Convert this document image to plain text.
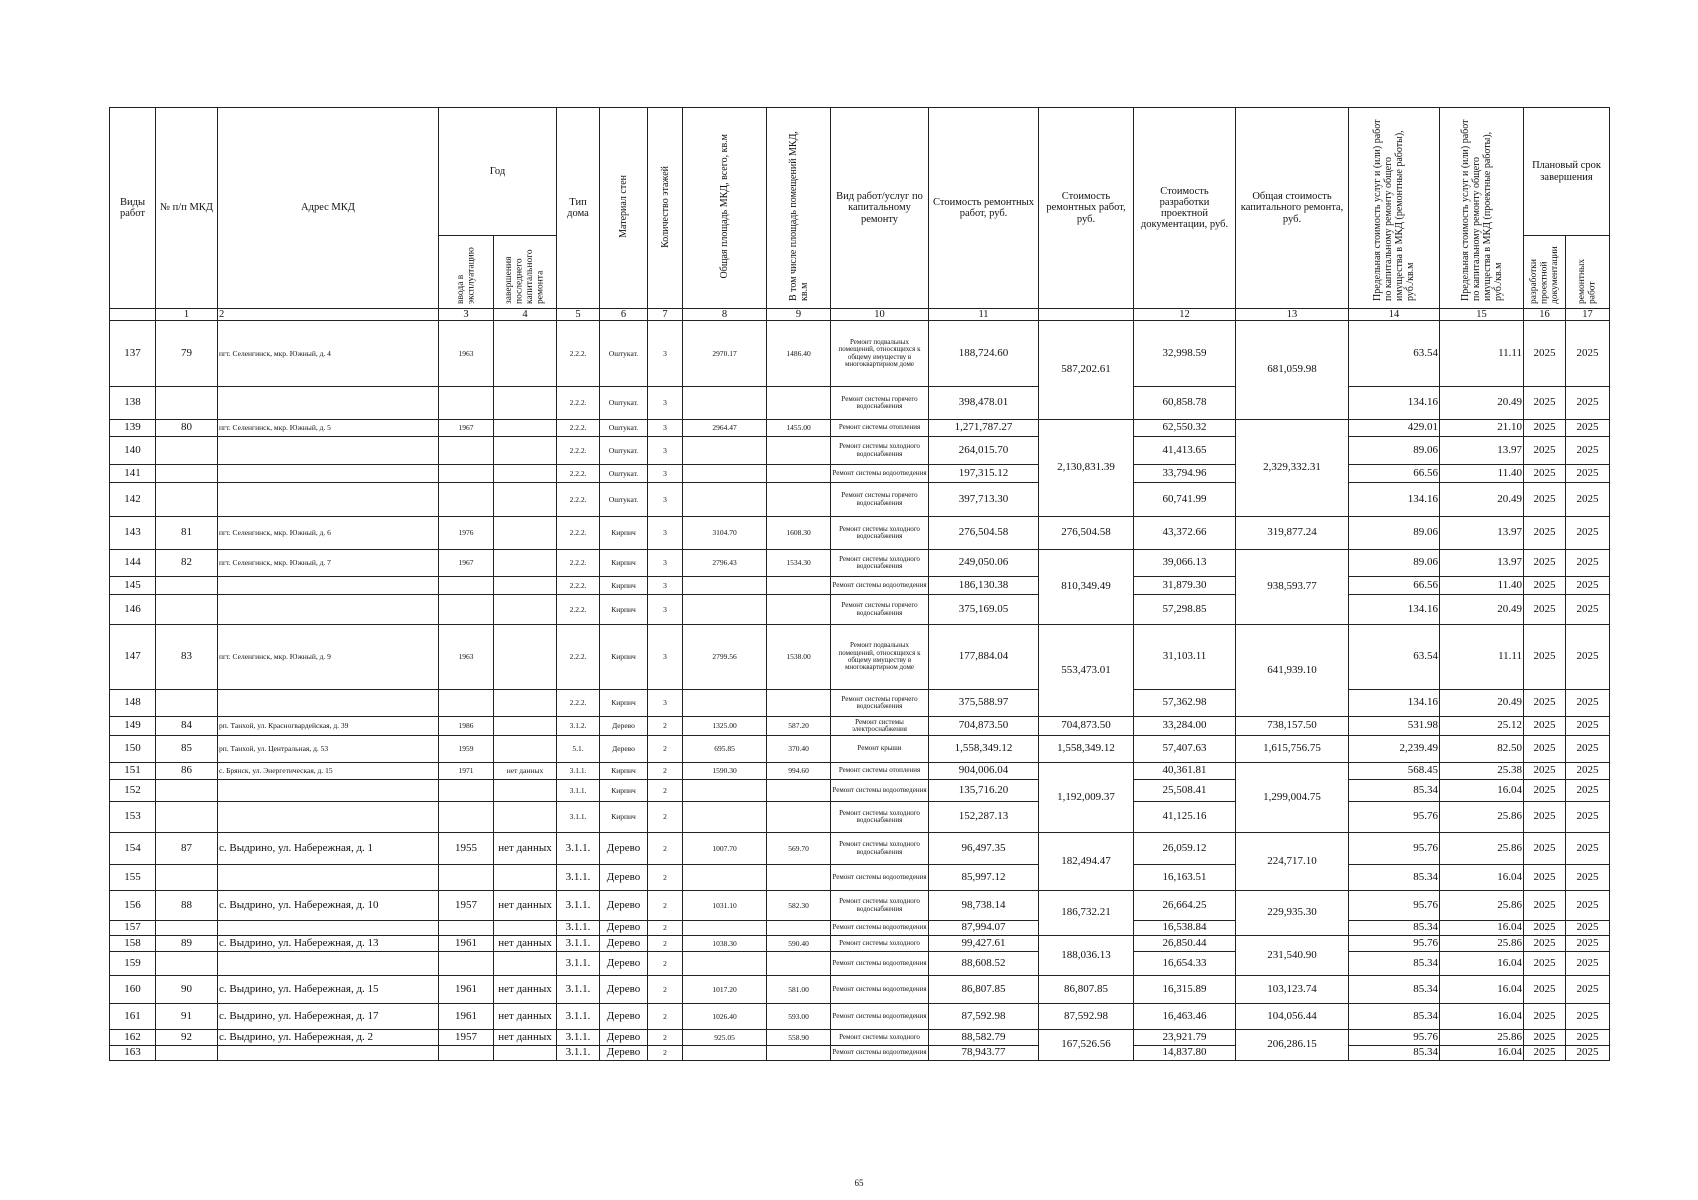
Виды работ	№ п/п МКД	Адрес МКД	Год		Тип дома	Материал стен	Количество этажей	Общая площадь МКД, всего, кв.м	В том числе площадь помещений МКД, кв.м	Вид работ/услуг по капитальному ремонту	Стоимость ремонтных работ, руб.	Стоимость ремонтных работ, руб.	Стоимость разработки проектной документации, руб.	Общая стоимость капитального ремонта, руб.	Предельная стоимость услуг и (или) работ по капитальному ремонту общего имущества в МКД (ремонтные работы), руб./кв.м	Предельная стоимость услуг и (или) работ по капитальному ремонту общего имущества в МКД (проектные работы), руб./кв.м	Плановый срок завершения	
			ввода в эксплуатацию	завершения последнего капитального ремонта													разработки проектной документации	ремонтных работ
	1	2	3	4	5	6	7	8	9	10	11		12	13	14	15	16	17
137	79	пгт. Селенгинск, мкр. Южный, д. 4	1963		2.2.2.	Оштукат.	3	2970.17	1486.40	Ремонт подвальных помещений, относящихся к общему имуществу в многоквартирном доме	188,724.60	587,202.61	32,998.59	681,059.98	63.54	11.11	2025	2025
138					2.2.2.	Оштукат.	3			Ремонт системы горячего водоснабжения	398,478.01		60,858.78		134.16	20.49	2025	2025
139	80	пгт. Селенгинск, мкр. Южный, д. 5	1967		2.2.2.	Оштукат.	3	2964.47	1455.00	Ремонт системы отопления	1,271,787.27	2,130,831.39	62,550.32	2,329,332.31	429.01	21.10	2025	2025
140					2.2.2.	Оштукат.	3			Ремонт системы холодного водоснабжения	264,015.70		41,413.65		89.06	13.97	2025	2025
141					2.2.2.	Оштукат.	3			Ремонт системы водоотведения	197,315.12		33,794.96		66.56	11.40	2025	2025
142					2.2.2.	Оштукат.	3			Ремонт системы горячего водоснабжения	397,713.30		60,741.99		134.16	20.49	2025	2025
143	81	пгт. Селенгинск, мкр. Южный, д. 6	1976		2.2.2.	Кирпич	3	3104.70	1608.30	Ремонт системы холодного водоснабжения	276,504.58	276,504.58	43,372.66	319,877.24	89.06	13.97	2025	2025
144	82	пгт. Селенгинск, мкр. Южный, д. 7	1967		2.2.2.	Кирпич	3	2796.43	1534.30	Ремонт системы холодного водоснабжения	249,050.06	810,349.49	39,066.13	938,593.77	89.06	13.97	2025	2025
145					2.2.2.	Кирпич	3			Ремонт системы водоотведения	186,130.38		31,879.30		66.56	11.40	2025	2025
146					2.2.2.	Кирпич	3			Ремонт системы горячего водоснабжения	375,169.05		57,298.85		134.16	20.49	2025	2025
147	83	пгт. Селенгинск, мкр. Южный, д. 9	1963		2.2.2.	Кирпич	3	2799.56	1538.00	Ремонт подвальных помещений, относящихся к общему имуществу в многоквартирном доме	177,884.04	553,473.01	31,103.11	641,939.10	63.54	11.11	2025	2025
148					2.2.2.	Кирпич	3			Ремонт системы горячего водоснабжения	375,588.97		57,362.98		134.16	20.49	2025	2025
149	84	рп. Танхой, ул. Красногвардейская, д. 39	1986		3.1.2.	Дерево	2	1325.00	587.20	Ремонт системы электроснабжения	704,873.50	704,873.50	33,284.00	738,157.50	531.98	25.12	2025	2025
150	85	рп. Танхой, ул. Центральная, д. 53	1959		5.1.	Дерево	2	695.85	370.40	Ремонт крыши	1,558,349.12	1,558,349.12	57,407.63	1,615,756.75	2,239.49	82.50	2025	2025
151	86	с. Брянск, ул. Энергетическая, д. 15	1971	нет данных	3.1.1.	Кирпич	2	1590.30	994.60	Ремонт системы отопления	904,006.04	1,192,009.37	40,361.81	1,299,004.75	568.45	25.38	2025	2025
152					3.1.1.	Кирпич	2			Ремонт системы водоотведения	135,716.20		25,508.41		85.34	16.04	2025	2025
153					3.1.1.	Кирпич	2			Ремонт системы холодного водоснабжения	152,287.13		41,125.16		95.76	25.86	2025	2025
154	87	с. Выдрино, ул. Набережная, д. 1	1955	нет данных	3.1.1.	Дерево	2	1007.70	569.70	Ремонт системы холодного водоснабжения	96,497.35	182,494.47	26,059.12	224,717.10	95.76	25.86	2025	2025
155					3.1.1.	Дерево	2			Ремонт системы водоотведения	85,997.12		16,163.51		85.34	16.04	2025	2025
156	88	с. Выдрино, ул. Набережная, д. 10	1957	нет данных	3.1.1.	Дерево	2	1031.10	582.30	Ремонт системы холодного водоснабжения	98,738.14	186,732.21	26,664.25	229,935.30	95.76	25.86	2025	2025
157					3.1.1.	Дерево	2			Ремонт системы водоотведения	87,994.07		16,538.84		85.34	16.04	2025	2025
158	89	с. Выдрино, ул. Набережная, д. 13	1961	нет данных	3.1.1.	Дерево	2	1038.30	590.40	Ремонт системы холодного	99,427.61	188,036.13	26,850.44	231,540.90	95.76	25.86	2025	2025
159					3.1.1.	Дерево	2			Ремонт системы водоотведения	88,608.52		16,654.33		85.34	16.04	2025	2025
160	90	с. Выдрино, ул. Набережная, д. 15	1961	нет данных	3.1.1.	Дерево	2	1017.20	581.00	Ремонт системы водоотведения	86,807.85	86,807.85	16,315.89	103,123.74	85.34	16.04	2025	2025
161	91	с. Выдрино, ул. Набережная, д. 17	1961	нет данных	3.1.1.	Дерево	2	1026.40	593.00	Ремонт системы водоотведения	87,592.98	87,592.98	16,463.46	104,056.44	85.34	16.04	2025	2025
162	92	с. Выдрино, ул. Набережная, д. 2	1957	нет данных	3.1.1.	Дерево	2	925.05	558.90	Ремонт системы холодного	88,582.79	167,526.56	23,921.79	206,286.15	95.76	25.86	2025	2025
163					3.1.1.	Дерево	2			Ремонт системы водоотведения	78,943.77		14,837.80		85.34	16.04	2025	2025
65
